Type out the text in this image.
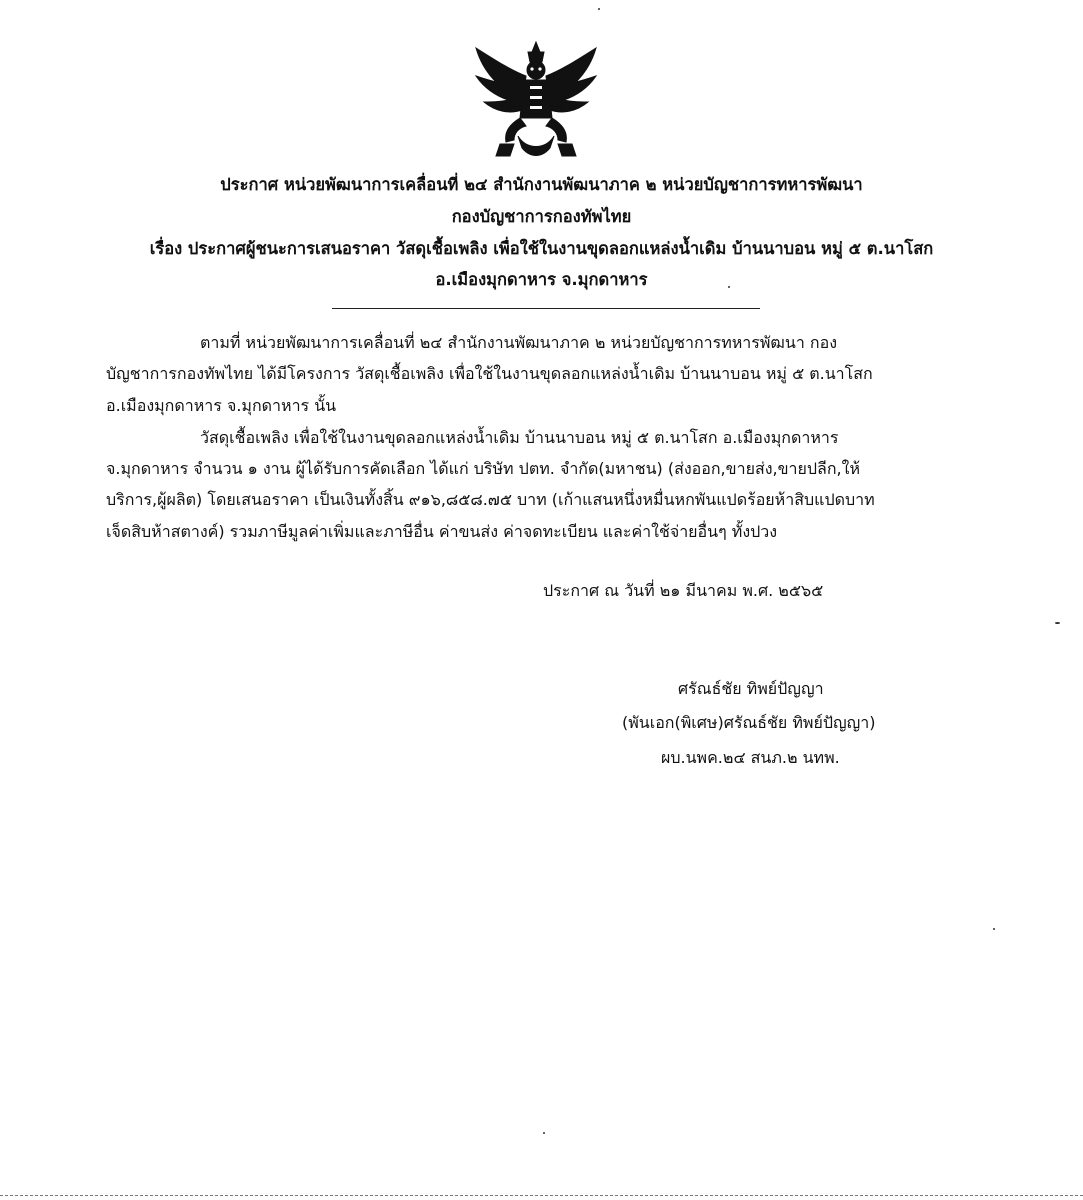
ประกาศ หน่วยพัฒนาการเคลื่อนที่ ๒๔ สำนักงานพัฒนาภาค ๒ หน่วยบัญชาการทหารพัฒนา
กองบัญชาการกองทัพไทย
เรื่อง ประกาศผู้ชนะการเสนอราคา วัสดุเชื้อเพลิง เพื่อใช้ในงานขุดลอกแหล่งน้ำเดิม บ้านนาบอน หมู่ ๕ ต.นาโสก
อ.เมืองมุกดาหาร จ.มุกดาหาร
ตามที่ หน่วยพัฒนาการเคลื่อนที่ ๒๔ สำนักงานพัฒนาภาค ๒ หน่วยบัญชาการทหารพัฒนา กอง
บัญชาการกองทัพไทย ได้มีโครงการ วัสดุเชื้อเพลิง เพื่อใช้ในงานขุดลอกแหล่งน้ำเดิม บ้านนาบอน หมู่ ๕ ต.นาโสก
อ.เมืองมุกดาหาร จ.มุกดาหาร นั้น
วัสดุเชื้อเพลิง เพื่อใช้ในงานขุดลอกแหล่งน้ำเดิม บ้านนาบอน หมู่ ๕ ต.นาโสก อ.เมืองมุกดาหาร
จ.มุกดาหาร จำนวน ๑ งาน ผู้ได้รับการคัดเลือก ได้แก่ บริษัท ปตท. จำกัด(มหาชน) (ส่งออก,ขายส่ง,ขายปลีก,ให้
บริการ,ผู้ผลิต) โดยเสนอราคา เป็นเงินทั้งสิ้น ๙๑๖,๘๕๘.๗๕ บาท (เก้าแสนหนึ่งหมื่นหกพันแปดร้อยห้าสิบแปดบาท
เจ็ดสิบห้าสตางค์) รวมภาษีมูลค่าเพิ่มและภาษีอื่น ค่าขนส่ง ค่าจดทะเบียน และค่าใช้จ่ายอื่นๆ ทั้งปวง
ประกาศ ณ วันที่ ๒๑ มีนาคม พ.ศ. ๒๕๖๕
ศรัณธ์ชัย ทิพย์ปัญญา
(พันเอก(พิเศษ)ศรัณธ์ชัย ทิพย์ปัญญา)
ผบ.นพค.๒๔ สนภ.๒ นทพ.
